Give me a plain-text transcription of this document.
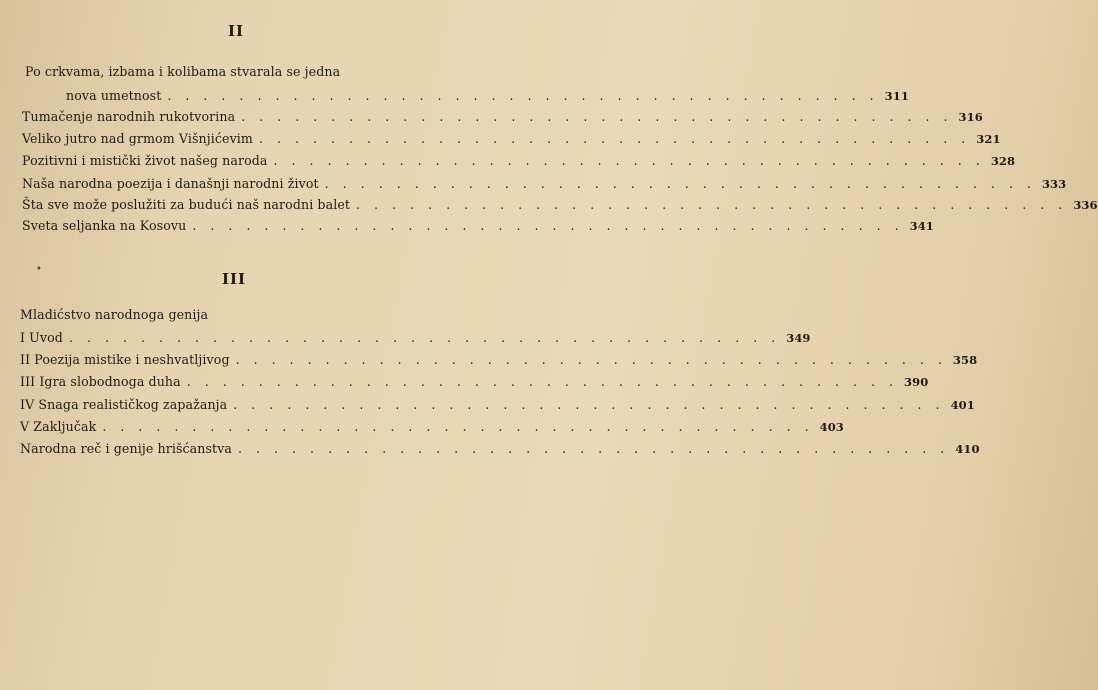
II
Po crkvama, izbama i kolibama stvarala se jedna
nova umetnost . . . . . . . . . . . . . . . . . . . . . . . . . . . . . . . . . . . . . . . . 311
Tumačenje narodnih rukotvorina . . . . . . . . . . . . . . . . . . . . . . . . . . . . . . . . . . . . . . . . 316
Veliko jutro nad grmom Višnjićevim . . . . . . . . . . . . . . . . . . . . . . . . . . . . . . . . . . . . . . . . 321
Pozitivni i mistički život našeg naroda . . . . . . . . . . . . . . . . . . . . . . . . . . . . . . . . . . . . . . . . 328
Naša narodna poezija i današnji narodni život . . . . . . . . . . . . . . . . . . . . . . . . . . . . . . . . . . . . . . . . 333
Šta sve može poslužiti za budući naš narodni balet . . . . . . . . . . . . . . . . . . . . . . . . . . . . . . . . . . . . . . . . 336
Sveta seljanka na Kosovu . . . . . . . . . . . . . . . . . . . . . . . . . . . . . . . . . . . . . . . . 341
•
III
Mladićstvo narodnoga genija
I Uvod . . . . . . . . . . . . . . . . . . . . . . . . . . . . . . . . . . . . . . . . 349
II Poezija mistike i neshvatljivog . . . . . . . . . . . . . . . . . . . . . . . . . . . . . . . . . . . . . . . . 358
III Igra slobodnoga duha . . . . . . . . . . . . . . . . . . . . . . . . . . . . . . . . . . . . . . . . 390
IV Snaga realističkog zapažanja . . . . . . . . . . . . . . . . . . . . . . . . . . . . . . . . . . . . . . . . 401
V Zaključak . . . . . . . . . . . . . . . . . . . . . . . . . . . . . . . . . . . . . . . . 403
Narodna reč i genije hrišćanstva . . . . . . . . . . . . . . . . . . . . . . . . . . . . . . . . . . . . . . . . 410
